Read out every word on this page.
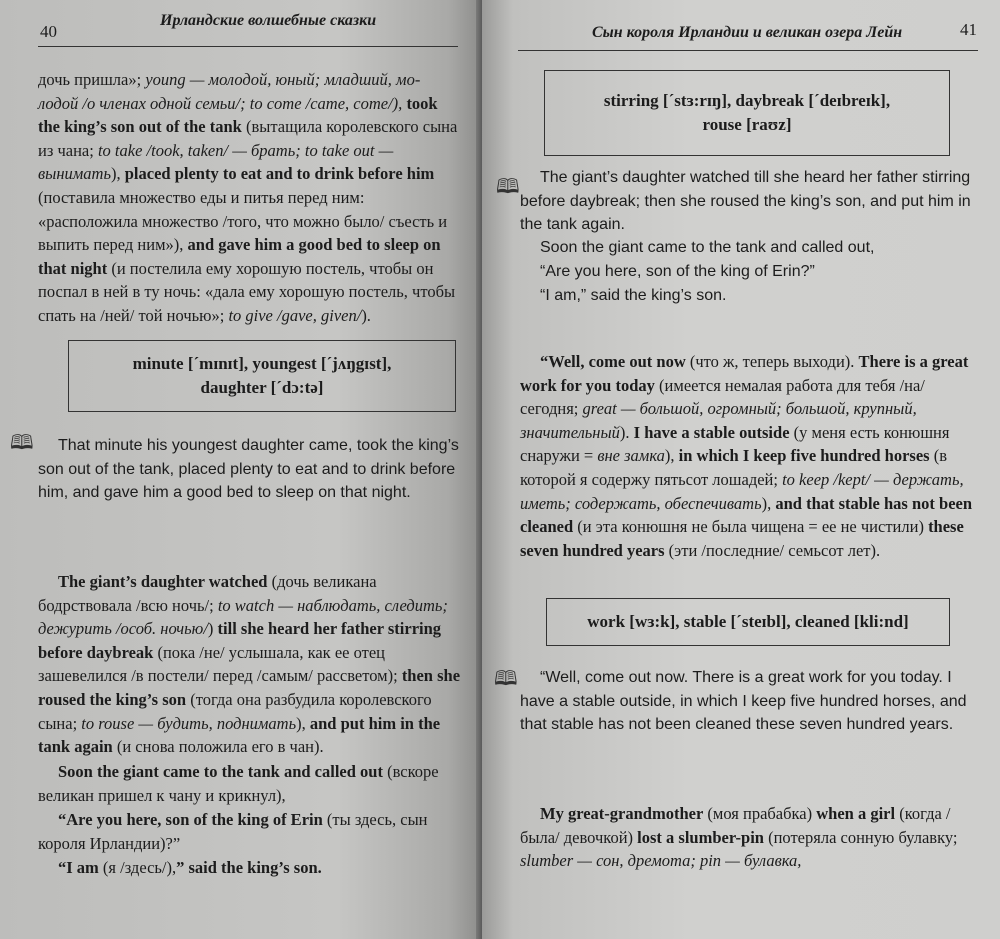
40
Ирландские волшебные сказки

дочь пришла»; young — молодой, юный; младший, мо-лодой /о членах одной семьи/; to come /came, come/), took the king’s son out of the tank (вытащила королевского сына из чана; to take /took, taken/ — брать; to take out — вынимать), placed plenty to eat and to drink before him (поставила множество еды и питья перед ним: «расположила множество /того, что можно было/ съесть и выпить перед ним»), and gave him a good bed to sleep on that night (и постелила ему хорошую постель, чтобы он поспал в ней в ту ночь: «дала ему хорошую постель, чтобы спать на /ней/ той ночью»; to give /gave, given/).

minute [ˊmɪnɪt], youngest [ˊjʌŋgɪst],
daughter [ˊdɔ:tə]
🕮	That minute his youngest daughter came, took the king’s son out of the tank, placed plenty to eat and to drink before him, and gave him a good bed to sleep on that night.

The giant’s daughter watched (дочь великана бодрствовала /всю ночь/; to watch — наблюдать, следить; дежурить /особ. ночью/) till she heard her father stirring before daybreak (пока /не/ услышала, как ее отец зашевелился /в постели/ перед /самым/ рассветом); then she roused the king’s son (тогда она разбудила королевского сына; to rouse — будить, поднимать), and put him in the tank again (и снова положила его в чан).

Soon the giant came to the tank and called out (вскоре великан пришел к чану и крикнул),

“Are you here, son of the king of Erin (ты здесь, сын короля Ирландии)?”

“I am (я /здесь/),” said the king’s son.

Сын короля Ирландии и великан озера Лейн	41
stirring [ˊstɜ:rɪŋ], daybreak [ˊdeɪbreɪk],
rouse [raʊz]
🕮	The giant’s daughter watched till she heard her father stirring before daybreak; then she roused the king’s son, and put him in the tank again.

Soon the giant came to the tank and called out,

“Are you here, son of the king of Erin?”

“I am,” said the king’s son.

“Well, come out now (что ж, теперь выходи). There is a great work for you today (имеется немалая работа для тебя /на/ сегодня; great — большой, огромный; большой, крупный, значительный). I have a stable outside (у меня есть конюшня снаружи = вне замка), in which I keep five hundred horses (в которой я содержу пятьсот лошадей; to keep /kept/ — держать, иметь; содержать, обеспечивать), and that stable has not been cleaned (и эта конюшня не была чищена = ее не чистили) these seven hundred years (эти /последние/ семьсот лет).

work [wɜ:k], stable [ˊsteɪbl], cleaned [kli:nd]
🕮	“Well, come out now. There is a great work for you today. I have a stable outside, in which I keep five hundred horses, and that stable has not been cleaned these seven hundred years.

My great-grandmother (моя прабабка) when a girl (когда /была/ девочкой) lost a slumber-pin (потеряла сонную булавку; slumber — сон, дремота; pin — булавка,
